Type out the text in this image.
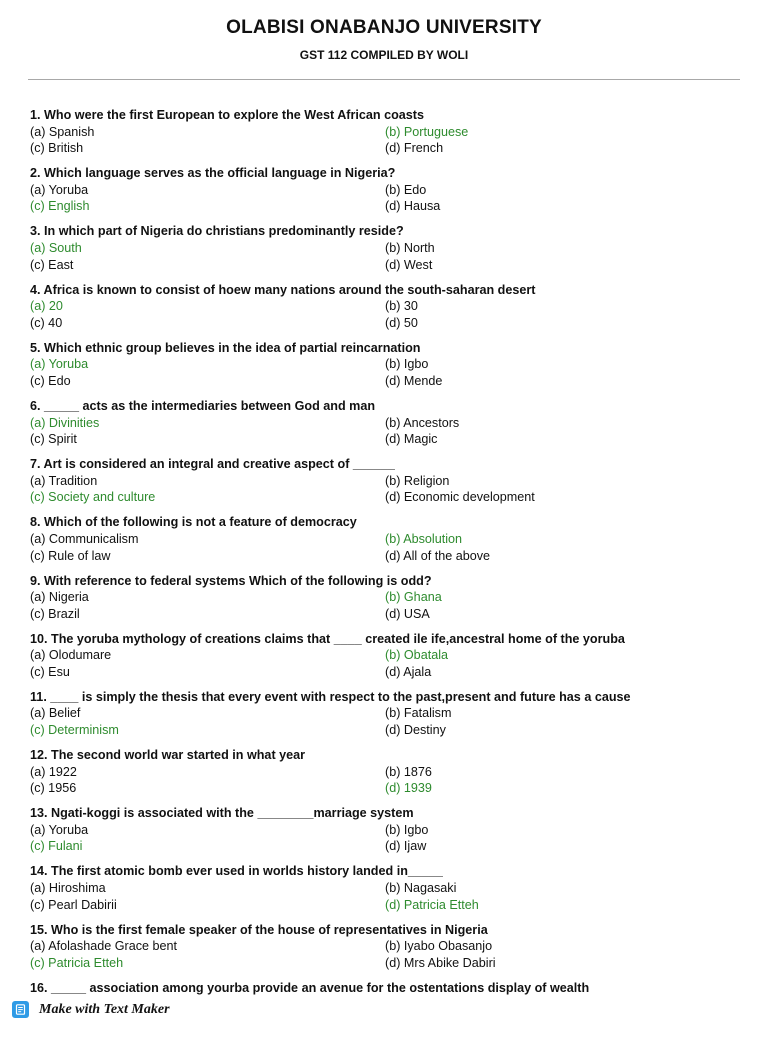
OLABISI ONABANJO UNIVERSITY
GST 112 COMPILED BY WOLI
1. Who were the first European to explore the West African coasts
(a) Spanish	(b) Portuguese
(c) British	(d) French
2. Which language serves as the official language in Nigeria?
(a) Yoruba	(b) Edo
(c) English	(d) Hausa
3. In which part of Nigeria do christians predominantly reside?
(a) South	(b) North
(c) East	(d) West
4. Africa is known to consist of hoew many nations around the south-saharan desert
(a) 20	(b) 30
(c) 40	(d) 50
5. Which ethnic group believes in the idea of partial reincarnation
(a) Yoruba	(b) Igbo
(c) Edo	(d) Mende
6. _____ acts as the intermediaries between God and man
(a) Divinities	(b) Ancestors
(c) Spirit	(d) Magic
7. Art is considered an integral and creative aspect of ______
(a) Tradition	(b) Religion
(c) Society and culture	(d) Economic development
8. Which of the following is not a feature of democracy
(a) Communicalism	(b) Absolution
(c) Rule of law	(d) All of the above
9. With reference to federal systems Which of the following is odd?
(a) Nigeria	(b) Ghana
(c) Brazil	(d) USA
10. The yoruba mythology of creations claims that ____ created ile ife,ancestral home of the yoruba
(a) Olodumare	(b) Obatala
(c) Esu	(d) Ajala
11. ____ is simply the thesis that every event with respect to the past,present and future has a cause
(a) Belief	(b) Fatalism
(c) Determinism	(d) Destiny
12. The second world war started in what year
(a) 1922	(b) 1876
(c) 1956	(d) 1939
13. Ngati-koggi is associated with the ________marriage system
(a) Yoruba	(b) Igbo
(c) Fulani	(d) Ijaw
14. The first atomic bomb ever used in worlds history landed in_____
(a) Hiroshima	(b) Nagasaki
(c) Pearl Dabirii	(d) Patricia Etteh
15. Who is the first female speaker of the house of representatives in Nigeria
(a) Afolashade Grace bent	(b) Iyabo Obasanjo
(c) Patricia Etteh	(d) Mrs Abike Dabiri
16. _____ association among yourba provide an avenue for the ostentations display of wealth
Make with Text Maker
